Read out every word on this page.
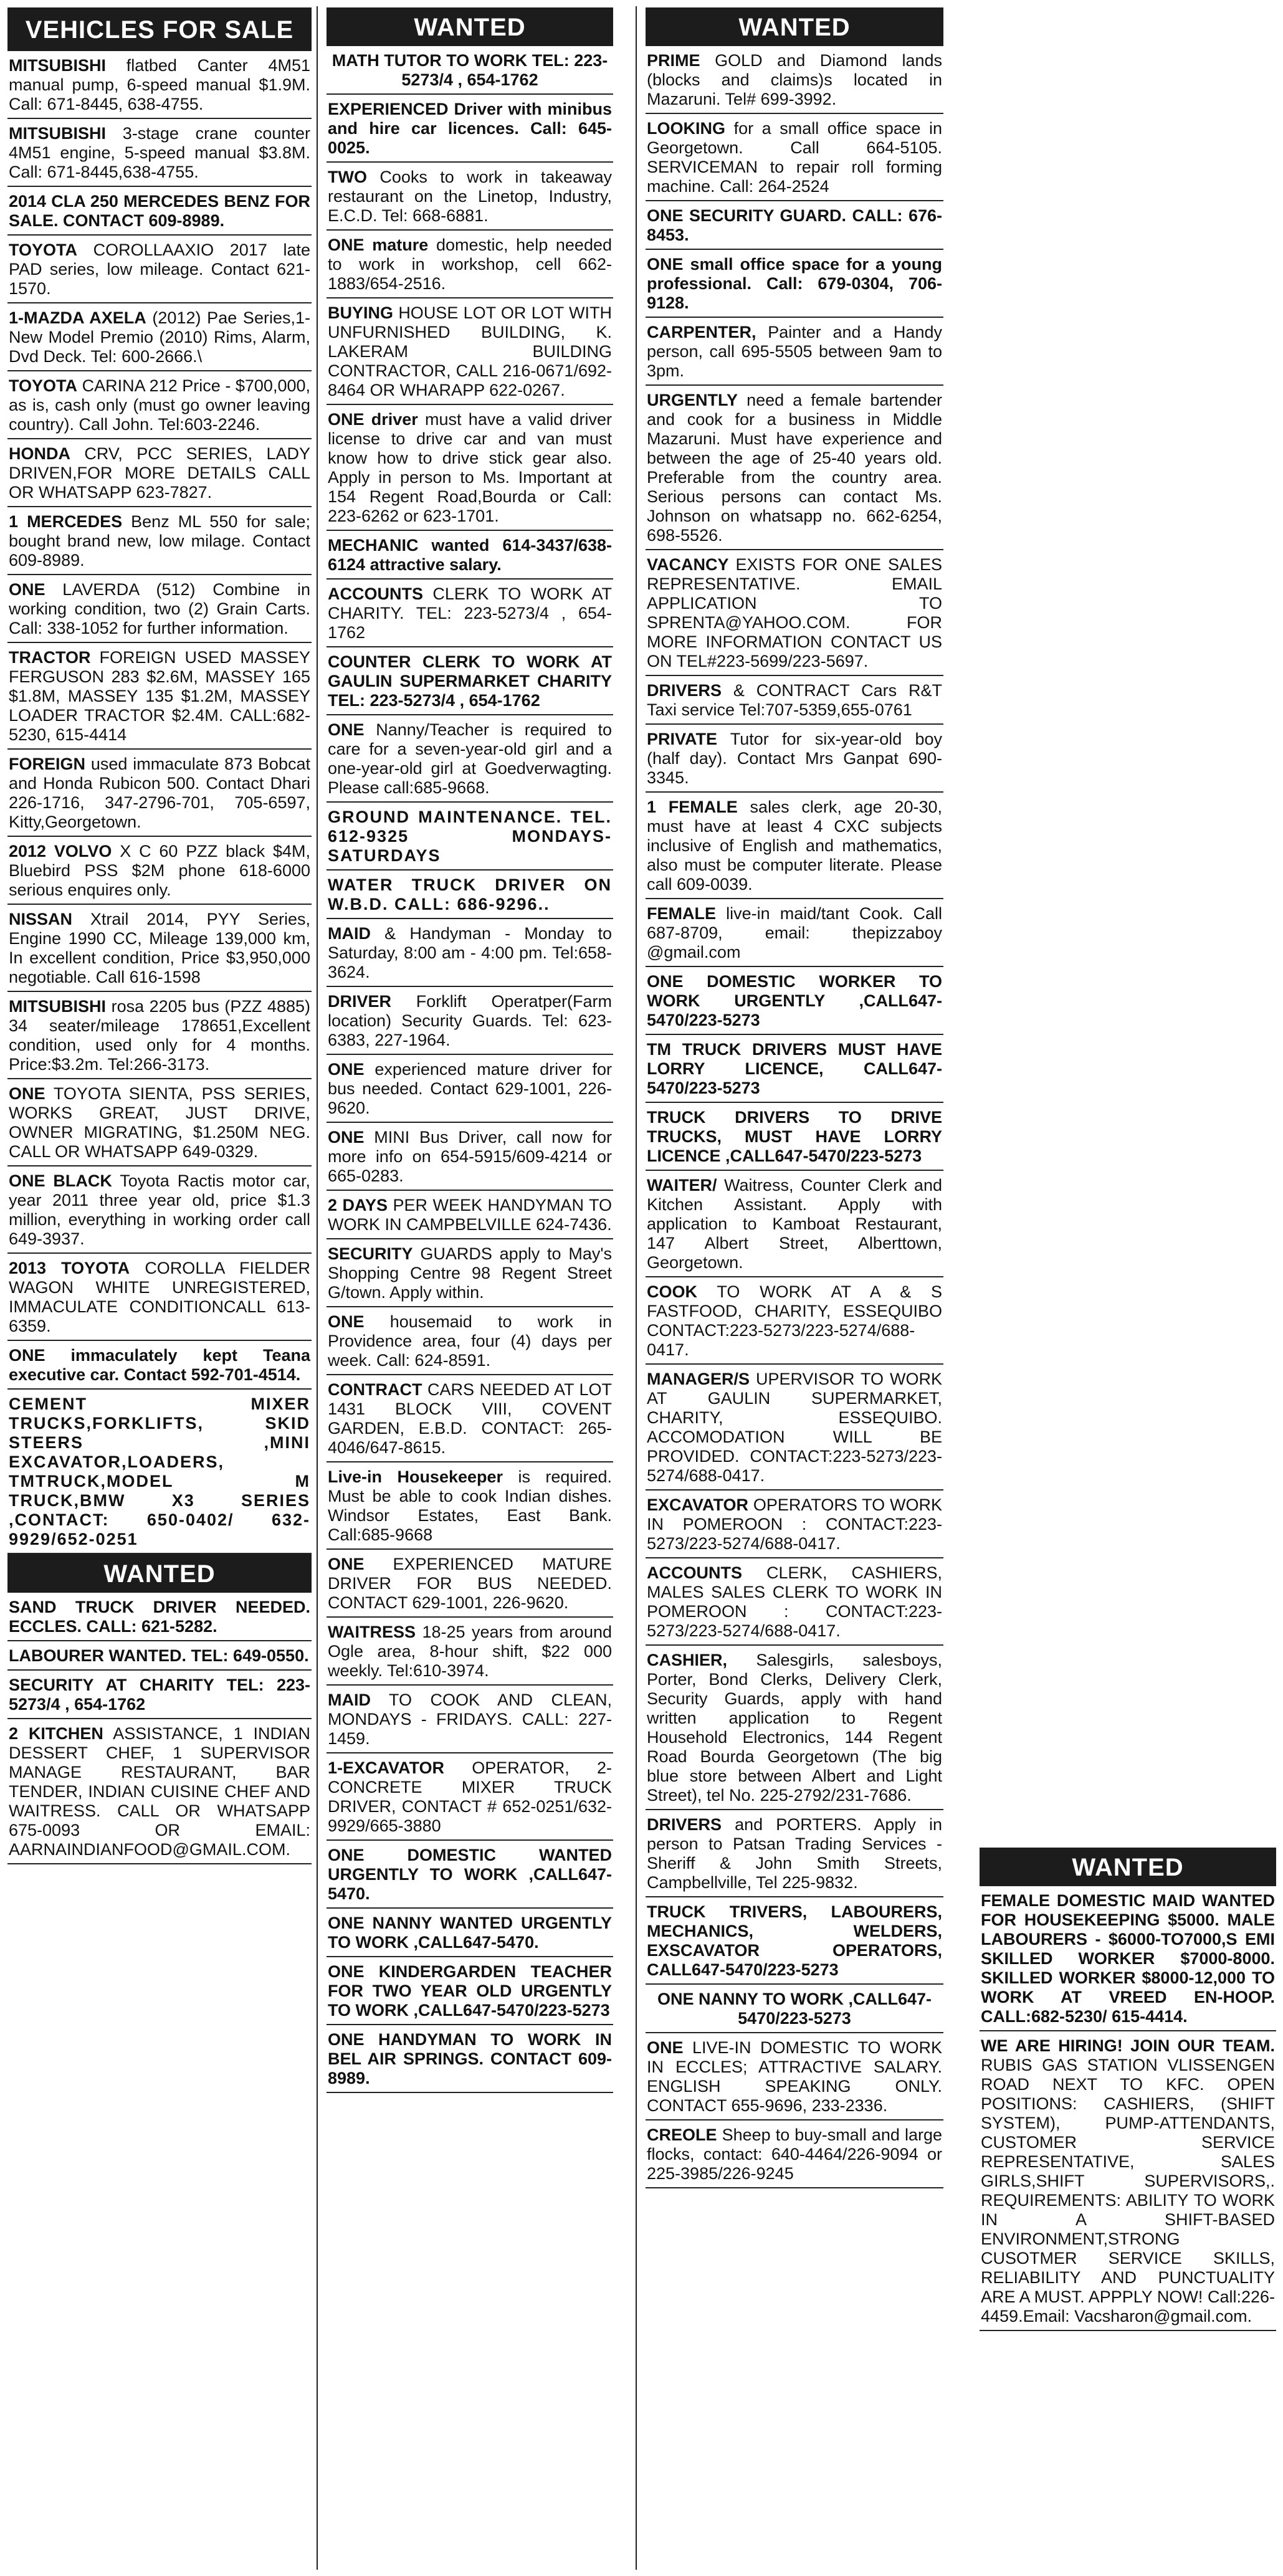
VEHICLES FOR SALE
MITSUBISHI flatbed Canter 4M51 manual pump, 6-speed manual $1.9M. Call: 671-8445, 638-4755.
MITSUBISHI 3-stage crane counter 4M51 engine, 5-speed manual $3.8M. Call: 671-8445,638-4755.
2014 CLA 250 MERCEDES BENZ FOR SALE. CONTACT 609-8989.
TOYOTA COROLLAAXIO 2017 late PAD series, low mileage. Contact 621-1570.
1-MAZDA AXELA (2012) Pae Series,1- New Model Premio (2010) Rims, Alarm, Dvd Deck. Tel: 600-2666.\
TOYOTA CARINA 212 Price - $700,000, as is, cash only (must go owner leaving country). Call John. Tel:603-2246.
HONDA CRV, PCC SERIES, LADY DRIVEN,FOR MORE DETAILS CALL OR WHATSAPP 623-7827.
1 MERCEDES Benz ML 550 for sale; bought brand new, low milage. Contact 609-8989.
ONE LAVERDA (512) Combine in working condition, two (2) Grain Carts. Call: 338-1052 for further information.
TRACTOR FOREIGN USED MASSEY FERGUSON 283 $2.6M, MASSEY 165 $1.8M, MASSEY 135 $1.2M, MASSEY LOADER TRACTOR $2.4M. CALL:682-5230, 615-4414
FOREIGN used immaculate 873 Bobcat and Honda Rubicon 500. Contact Dhari 226-1716, 347-2796-701, 705-6597, Kitty,Georgetown.
2012 VOLVO X C 60 PZZ black $4M, Bluebird PSS $2M phone 618-6000 serious enquires only.
NISSAN Xtrail 2014, PYY Series, Engine 1990 CC, Mileage 139,000 km, In excellent condition, Price $3,950,000 negotiable. Call 616-1598
MITSUBISHI rosa 2205 bus (PZZ 4885) 34 seater/mileage 178651,Excellent condition, used only for 4 months. Price:$3.2m. Tel:266-3173.
ONE TOYOTA SIENTA, PSS SERIES, WORKS GREAT, JUST DRIVE, OWNER MIGRATING, $1.250M NEG. CALL OR WHATSAPP 649-0329.
ONE BLACK Toyota Ractis motor car, year 2011 three year old, price $1.3 million, everything in working order call 649-3937.
2013 TOYOTA COROLLA FIELDER WAGON WHITE UNREGISTERED, IMMACULATE CONDITIONCALL 613-6359.
ONE immaculately kept Teana executive car. Contact 592-701-4514.
CEMENT MIXER TRUCKS,FORKLIFTS, SKID STEERS ,MINI EXCAVATOR,LOADERS, TMTRUCK,MODEL M TRUCK,BMW X3 SERIES ,CONTACT: 650-0402/ 632-9929/652-0251
WANTED
SAND TRUCK DRIVER NEEDED. ECCLES. CALL: 621-5282.
LABOURER WANTED. TEL: 649-0550.
SECURITY AT CHARITY TEL: 223-5273/4 , 654-1762
2 KITCHEN ASSISTANCE, 1 INDIAN DESSERT CHEF, 1 SUPERVISOR MANAGE RESTAURANT, BAR TENDER, INDIAN CUISINE CHEF AND WAITRESS. CALL OR WHATSAPP 675-0093 OR EMAIL: AARNAINDIANFOOD@GMAIL.COM.
WANTED
MATH TUTOR TO WORK TEL: 223-5273/4 , 654-1762
EXPERIENCED Driver with minibus and hire car licences. Call: 645-0025.
TWO Cooks to work in takeaway restaurant on the Linetop, Industry, E.C.D. Tel: 668-6881.
ONE mature domestic, help needed to work in workshop, cell 662-1883/654-2516.
BUYING HOUSE LOT OR LOT WITH UNFURNISHED BUILDING, K. LAKERAM BUILDING CONTRACTOR, CALL 216-0671/692-8464 OR WHARAPP 622-0267.
ONE driver must have a valid driver license to drive car and van must know how to drive stick gear also. Apply in person to Ms. Important at 154 Regent Road,Bourda or Call: 223-6262 or 623-1701.
MECHANIC wanted 614-3437/638-6124 attractive salary.
ACCOUNTS CLERK TO WORK AT CHARITY. TEL: 223-5273/4 , 654-1762
COUNTER CLERK TO WORK AT GAULIN SUPERMARKET CHARITY TEL: 223-5273/4 , 654-1762
ONE Nanny/Teacher is required to care for a seven-year-old girl and a one-year-old girl at Goedverwagting. Please call:685-9668.
GROUND MAINTENANCE. TEL. 612-9325 MONDAYS-SATURDAYS
WATER TRUCK DRIVER ON W.B.D. CALL: 686-9296..
MAID & Handyman - Monday to Saturday, 8:00 am - 4:00 pm. Tel:658-3624.
DRIVER Forklift Operatper(Farm location) Security Guards. Tel: 623-6383, 227-1964.
ONE experienced mature driver for bus needed. Contact 629-1001, 226-9620.
ONE MINI Bus Driver, call now for more info on 654-5915/609-4214 or 665-0283.
2 DAYS PER WEEK HANDYMAN TO WORK IN CAMPBELVILLE 624-7436.
SECURITY GUARDS apply to May's Shopping Centre 98 Regent Street G/town. Apply within.
ONE housemaid to work in Providence area, four (4) days per week. Call: 624-8591.
CONTRACT CARS NEEDED AT LOT 1431 BLOCK VIII, COVENT GARDEN, E.B.D. CONTACT: 265-4046/647-8615.
Live-in Housekeeper is required. Must be able to cook Indian dishes. Windsor Estates, East Bank. Call:685-9668
ONE EXPERIENCED MATURE DRIVER FOR BUS NEEDED. CONTACT 629-1001, 226-9620.
WAITRESS 18-25 years from around Ogle area, 8-hour shift, $22 000 weekly. Tel:610-3974.
MAID TO COOK AND CLEAN, MONDAYS - FRIDAYS. CALL: 227-1459.
1-EXCAVATOR OPERATOR, 2- CONCRETE MIXER TRUCK DRIVER, CONTACT # 652-0251/632-9929/665-3880
ONE DOMESTIC WANTED URGENTLY TO WORK ,CALL647-5470.
ONE NANNY WANTED URGENTLY TO WORK ,CALL647-5470.
ONE KINDERGARDEN TEACHER FOR TWO YEAR OLD URGENTLY TO WORK ,CALL647-5470/223-5273
ONE HANDYMAN TO WORK IN BEL AIR SPRINGS. CONTACT 609-8989.
WANTED
PRIME GOLD and Diamond lands (blocks and claims)s located in Mazaruni. Tel# 699-3992.
LOOKING for a small office space in Georgetown. Call 664-5105. SERVICEMAN to repair roll forming machine. Call: 264-2524
ONE SECURITY GUARD. CALL: 676-8453.
ONE small office space for a young professional. Call: 679-0304, 706-9128.
CARPENTER, Painter and a Handy person, call 695-5505 between 9am to 3pm.
URGENTLY need a female bartender and cook for a business in Middle Mazaruni. Must have experience and between the age of 25-40 years old. Preferable from the country area. Serious persons can contact Ms. Johnson on whatsapp no. 662-6254, 698-5526.
VACANCY EXISTS FOR ONE SALES REPRESENTATIVE. EMAIL APPLICATION TO SPRENTA@YAHOO.COM. FOR MORE INFORMATION CONTACT US ON TEL#223-5699/223-5697.
DRIVERS & CONTRACT Cars R&T Taxi service Tel:707-5359,655-0761
PRIVATE Tutor for six-year-old boy (half day). Contact Mrs Ganpat 690-3345.
1 FEMALE sales clerk, age 20-30, must have at least 4 CXC subjects inclusive of English and mathematics, also must be computer literate. Please call 609-0039.
FEMALE live-in maid/tant Cook. Call 687-8709, email: thepizzaboy @gmail.com
ONE DOMESTIC WORKER TO WORK URGENTLY ,CALL647-5470/223-5273
TM TRUCK DRIVERS MUST HAVE LORRY LICENCE, CALL647-5470/223-5273
TRUCK DRIVERS TO DRIVE TRUCKS, MUST HAVE LORRY LICENCE ,CALL647-5470/223-5273
WAITER/ Waitress, Counter Clerk and Kitchen Assistant. Apply with application to Kamboat Restaurant, 147 Albert Street, Alberttown, Georgetown.
COOK TO WORK AT A & S FASTFOOD, CHARITY, ESSEQUIBO CONTACT:223-5273/223-5274/688-0417.
MANAGER/S UPERVISOR TO WORK AT GAULIN SUPERMARKET, CHARITY, ESSEQUIBO. ACCOMODATION WILL BE PROVIDED. CONTACT:223-5273/223-5274/688-0417.
EXCAVATOR OPERATORS TO WORK IN POMEROON : CONTACT:223-5273/223-5274/688-0417.
ACCOUNTS CLERK, CASHIERS, MALES SALES CLERK TO WORK IN POMEROON : CONTACT:223-5273/223-5274/688-0417.
CASHIER, Salesgirls, salesboys, Porter, Bond Clerks, Delivery Clerk, Security Guards, apply with hand written application to Regent Household Electronics, 144 Regent Road Bourda Georgetown (The big blue store between Albert and Light Street), tel No. 225-2792/231-7686.
DRIVERS and PORTERS. Apply in person to Patsan Trading Services - Sheriff & John Smith Streets, Campbellville, Tel 225-9832.
TRUCK TRIVERS, LABOURERS, MECHANICS, WELDERS, EXSCAVATOR OPERATORS, CALL647-5470/223-5273
ONE NANNY TO WORK ,CALL647-5470/223-5273
ONE LIVE-IN DOMESTIC TO WORK IN ECCLES; ATTRACTIVE SALARY. ENGLISH SPEAKING ONLY. CONTACT 655-9696, 233-2336.
CREOLE Sheep to buy-small and large flocks, contact: 640-4464/226-9094 or 225-3985/226-9245
WANTED
FEMALE DOMESTIC MAID WANTED FOR HOUSEKEEPING $5000. MALE LABOURERS - $6000-TO7000,S EMI SKILLED WORKER $7000-8000. SKILLED WORKER $8000-12,000 TO WORK AT VREED EN-HOOP. CALL:682-5230/ 615-4414.
WE ARE HIRING! JOIN OUR TEAM. RUBIS GAS STATION VLISSENGEN ROAD NEXT TO KFC. OPEN POSITIONS: CASHIERS, (SHIFT SYSTEM), PUMP-ATTENDANTS, CUSTOMER SERVICE REPRESENTATIVE, SALES GIRLS,SHIFT SUPERVISORS,. REQUIREMENTS: ABILITY TO WORK IN A SHIFT-BASED ENVIRONMENT,STRONG CUSOTMER SERVICE SKILLS, RELIABILITY AND PUNCTUALITY ARE A MUST. APPPLY NOW! Call:226-4459.Email: Vacsharon@gmail.com.
